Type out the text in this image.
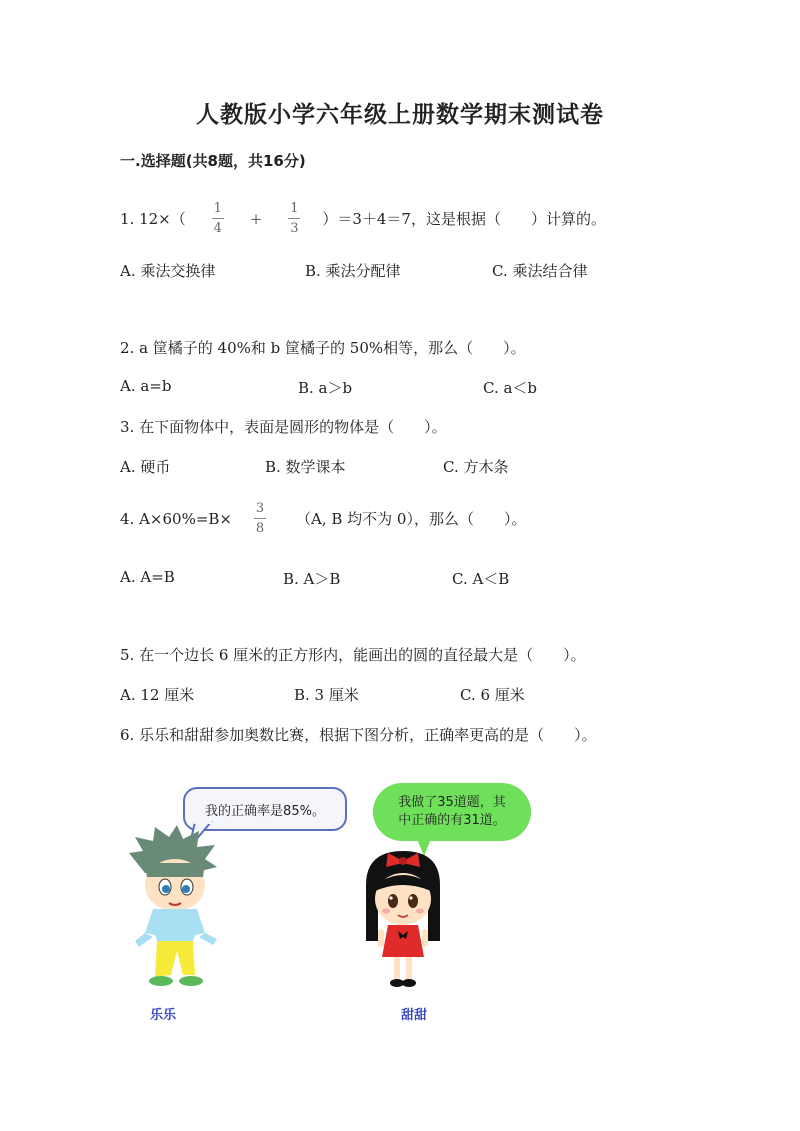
人教版小学六年级上册数学期末测试卷
一.选择题(共8题，共16分)
1. $12\times( \frac{1}{4} + \frac{1}{3} )=3+4=7$，这是根据（　　）计算的。
A. 乘法交换律	B. 乘法分配律	C. 乘法结合律
2. a 筐橘子的 40%和 b 筐橘子的 50%相等，那么（　　）。
A. a=b	B. a＞b	C. a＜b
3. 在下面物体中，表面是圆形的物体是（　　）。
A. 硬币	B. 数学课本	C. 方木条
4. $A\times 60\%=B\times \frac{3}{8} (A$, B 均不为 0），那么（　　）。
A. A=B	B. A＞B	C. A＜B
5. 在一个边长 6 厘米的正方形内，能画出的圆的直径最大是（　　）。
A. 12 厘米	B. 3 厘米	C. 6 厘米
6. 乐乐和甜甜参加奥数比赛，根据下图分析，正确率更高的是（　　）。
我的正确率是85%。
乐乐
我做了35道题，其
中正确的有31道。
甜甜
